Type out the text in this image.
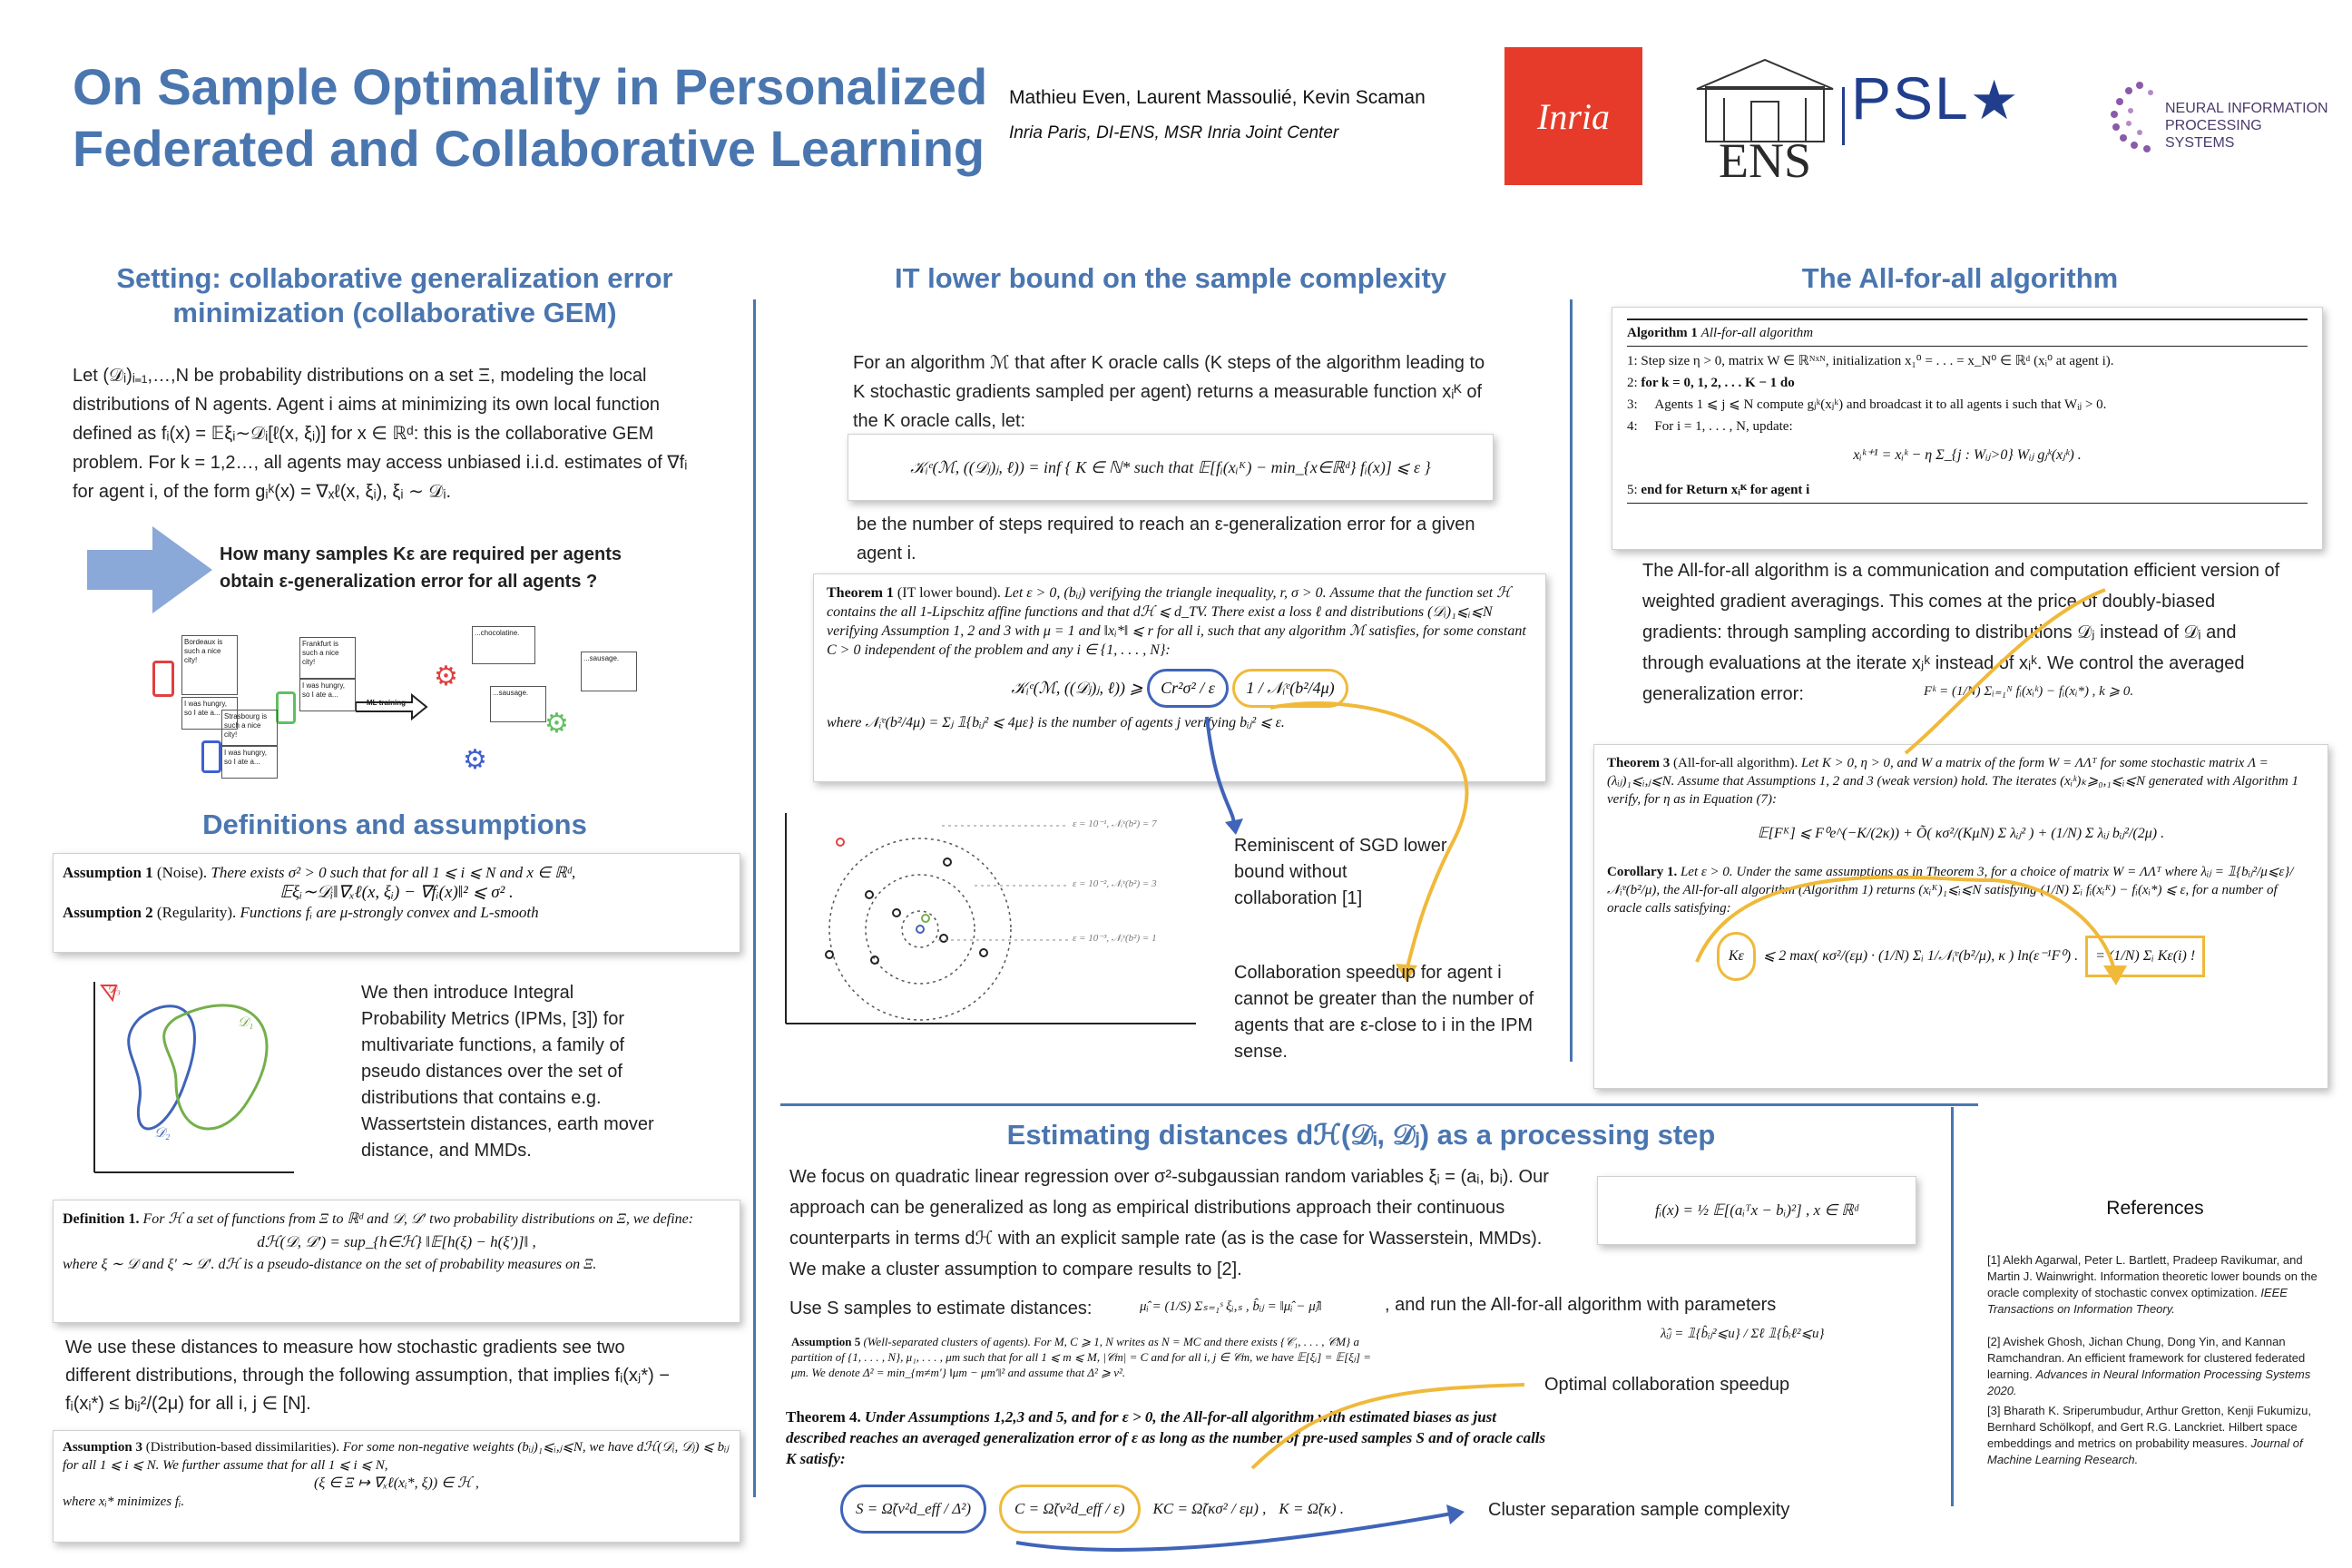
On Sample Optimality in Personalized
Federated and Collaborative Learning
Mathieu Even, Laurent Massoulié, Kevin Scaman
Inria Paris, DI-ENS, MSR Inria Joint Center	Inria
ENS
PSL★	NEURAL INFORMATION
PROCESSING SYSTEMS
Setting: collaborative generalization error
minimization (collaborative GEM)
Let (𝒟ᵢ)ᵢ₌₁,…,N be probability distributions on a set Ξ, modeling the local distributions of N agents. Agent i aims at minimizing its own local function defined as fᵢ(x) = 𝔼ξᵢ∼𝒟ᵢ[ℓ(x, ξᵢ)] for x ∈ ℝᵈ: this is the collaborative GEM problem. For k = 1,2…, all agents may access unbiased i.i.d. estimates of ∇fᵢ for agent i, of the form gᵢᵏ(x) = ∇ₓℓ(x, ξᵢ), ξᵢ ∼ 𝒟ᵢ.
How many samples Kε are required per agents obtain ε-generalization error for all agents ?
Bordeaux is such a nice city!
I was hungry, so I ate a...
Frankfurt is such a nice city!
I was hungry, so I ate a...
Strasbourg is such a nice city!
I was hungry, so I ate a...
ML training
...chocolatine.
...sausage.
...sausage.
⚙
⚙
⚙
Definitions and assumptions
Assumption 1 (Noise). There exists σ² > 0 such that for all 1 ⩽ i ⩽ N and x ∈ ℝᵈ,
𝔼ξᵢ∼𝒟ᵢ‖∇ₓℓ(x, ξᵢ) − ∇fᵢ(x)‖² ⩽ σ² .
Assumption 2 (Regularity). Functions fᵢ are μ-strongly convex and L-smooth
𝒟₃
𝒟₁
𝒟₂
We then introduce Integral Probability Metrics (IPMs, [3]) for multivariate functions, a family of pseudo distances over the set of distributions that contains e.g. Wassertstein distances, earth mover distance, and MMDs.
Definition 1. For ℋ a set of functions from Ξ to ℝᵈ and 𝒟, 𝒟′ two probability distributions on Ξ, we define:
dℋ(𝒟, 𝒟′) = sup_{h∈ℋ} ‖𝔼[h(ξ) − h(ξ′)]‖ ,
where ξ ∼ 𝒟 and ξ′ ∼ 𝒟′. dℋ is a pseudo-distance on the set of probability measures on Ξ.
We use these distances to measure how stochastic gradients see two different distributions, through the following assumption, that implies fᵢ(xⱼ*) − fᵢ(xᵢ*) ≤ bᵢⱼ²/(2μ) for all i, j ∈ [N].
Assumption 3 (Distribution-based dissimilarities). For some non-negative weights (bᵢⱼ)₁⩽ᵢ,ⱼ⩽N, we have dℋ(𝒟ᵢ, 𝒟ⱼ) ⩽ bᵢⱼ for all 1 ⩽ i ⩽ N. We further assume that for all 1 ⩽ i ⩽ N,
(ξ ∈ Ξ ↦ ∇ₓℓ(xᵢ*, ξ)) ∈ ℋ ,
where xᵢ* minimizes fᵢ.
IT lower bound on the sample complexity
For an algorithm ℳ that after K oracle calls (K steps of the algorithm leading to K stochastic gradients sampled per agent) returns a measurable function xᵢᴷ of the K oracle calls, let:
𝒦ᵢᵉ(ℳ, ((𝒟ⱼ)ⱼ, ℓ)) = inf { K ∈ ℕ* such that 𝔼[fᵢ(xᵢᴷ) − min_{x∈ℝᵈ} fᵢ(x)] ⩽ ε }
be the number of steps required to reach an ε-generalization error for a given agent i.
Theorem 1 (IT lower bound). Let ε > 0, (bᵢⱼ) verifying the triangle inequality, r, σ > 0. Assume that the function set ℋ contains the all 1-Lipschitz affine functions and that dℋ ⩽ d_TV. There exist a loss ℓ and distributions (𝒟ᵢ)₁⩽ᵢ⩽N verifying Assumption 1, 2 and 3 with μ = 1 and ‖xᵢ*‖ ⩽ r for all i, such that any algorithm ℳ satisfies, for some constant C > 0 independent of the problem and any i ∈ {1, . . . , N}:
𝒦ᵢᵉ(ℳ, ((𝒟ⱼ)ⱼ, ℓ)) ⩾ Cr²σ² / ε 1 / 𝒩ᵢᵉ(b²/4μ)
where 𝒩ᵢᵉ(b²/4μ) = Σⱼ 𝟙{bᵢⱼ² ⩽ 4με} is the number of agents j verifying bᵢⱼ² ⩽ ε.
ε = 10⁻¹, 𝒩ᵢᵉ(b²) = 7
ε = 10⁻², 𝒩ᵢᵉ(b²) = 3
ε = 10⁻³, 𝒩ᵢᵉ(b²) = 1
Reminiscent of SGD lower bound without collaboration [1]
Collaboration speedup for agent i cannot be greater than the number of agents that are ε-close to i in the IPM sense.
The All-for-all algorithm
Algorithm 1 All-for-all algorithm
1: Step size η > 0, matrix W ∈ ℝᴺˣᴺ, initialization x₁⁰ = . . . = x_N⁰ ∈ ℝᵈ (xᵢ⁰ at agent i).
2: for k = 0, 1, 2, . . . K − 1 do
3:     Agents 1 ⩽ j ⩽ N compute gⱼᵏ(xⱼᵏ) and broadcast it to all agents i such that Wᵢⱼ > 0.
4:     For i = 1, . . . , N, update:
xᵢᵏ⁺¹ = xᵢᵏ − η Σ_{j : Wᵢⱼ>0} Wᵢⱼ gⱼᵏ(xⱼᵏ) .
5: end for Return xᵢᴷ for agent i
The All-for-all algorithm is a communication and computation efficient version of weighted gradient averagings. This comes at the price of doubly-biased gradients: through sampling according to distributions 𝒟ⱼ instead of 𝒟ᵢ and through evaluations at the iterate xⱼᵏ instead of xᵢᵏ. We control the averaged generalization error:	Fᵏ = (1/N) Σᵢ₌₁ᴺ fᵢ(xᵢᵏ) − fᵢ(xᵢ*) , k ⩾ 0.
Theorem 3 (All-for-all algorithm). Let K > 0, η > 0, and W a matrix of the form W = ΛΛᵀ for some stochastic matrix Λ = (λᵢⱼ)₁⩽ᵢ,ⱼ⩽N. Assume that Assumptions 1, 2 and 3 (weak version) hold. The iterates (xᵢᵏ)ₖ⩾₀,₁⩽ᵢ⩽N generated with Algorithm 1 verify, for η as in Equation (7):
𝔼[Fᴷ] ⩽ F⁰e^(−K/(2κ)) + Õ( κσ²/(KμN) Σ λᵢⱼ² ) + (1/N) Σ λᵢⱼ bᵢⱼ²/(2μ) .
Corollary 1. Let ε > 0. Under the same assumptions as in Theorem 3, for a choice of matrix W = ΛΛᵀ where λᵢⱼ = 𝟙{bᵢⱼ²/μ⩽ε}/𝒩ᵢᵉ(b²/μ), the All-for-all algorithm (Algorithm 1) returns (xᵢᴷ)₁⩽ᵢ⩽N satisfying (1/N) Σᵢ fᵢ(xᵢᴷ) − fᵢ(xᵢ*) ⩽ ε, for a number of oracle calls satisfying:
Kε	⩽ 2 max( κσ²/(εμ) · (1/N) Σᵢ 1/𝒩ᵢᵉ(b²/μ), κ ) ln(ε⁻¹F⁰) .	= (1/N) Σᵢ Kε(i) !
Estimating distances dℋ(𝒟ᵢ, 𝒟ⱼ) as a processing step
We focus on quadratic linear regression over σ²-subgaussian random variables ξᵢ = (aᵢ, bᵢ). Our approach can be generalized as long as empirical distributions approach their continuous counterparts in terms dℋ with an explicit sample rate (as is the case for Wasserstein, MMDs). We make a cluster assumption to compare results to [2].
fᵢ(x) = ½ 𝔼[(aᵢᵀx − bᵢ)²] , x ∈ ℝᵈ
Use S samples to estimate distances:	μ̂ᵢ = (1/S) Σₛ₌₁ˢ ξᵢ,ₛ , b̂ᵢⱼ = ‖μ̂ᵢ − μ̂ⱼ‖	, and run the All-for-all algorithm with parameters
λ̂ᵢⱼ = 𝟙{b̂ᵢⱼ²⩽u} / Σℓ 𝟙{b̂ᵢℓ²⩽u}
Assumption 5 (Well-separated clusters of agents). For M, C ⩾ 1, N writes as N = MC and there exists {𝒞₁, . . . , 𝒞M} a partition of {1, . . . , N}, μ₁, . . . , μm such that for all 1 ⩽ m ⩽ M, |𝒞m| = C and for all i, j ∈ 𝒞m, we have 𝔼[ξᵢ] = 𝔼[ξⱼ] = μm. We denote Δ² = min_{m≠m′} ‖μm − μm′‖² and assume that Δ² ⩾ ν².
Theorem 4. Under Assumptions 1,2,3 and 5, and for ε > 0, the All-for-all algorithm with estimated biases as just described reaches an averaged generalization error of ε as long as the number of pre-used samples S and of oracle calls K satisfy:
S = Ω̃(ν²d_eff / Δ²)	C = Ω̃(ν²d_eff / ε)	KC = Ω̃(κσ² / εμ) , K = Ω̃(κ) .
Optimal collaboration speedup
Cluster separation sample complexity
References
[1] Alekh Agarwal, Peter L. Bartlett, Pradeep Ravikumar, and Martin J. Wainwright. Information theoretic lower bounds on the oracle complexity of stochastic convex optimization. IEEE Transactions on Information Theory.
[2] Avishek Ghosh, Jichan Chung, Dong Yin, and Kannan Ramchandran. An efficient framework for clustered federated learning. Advances in Neural Information Processing Systems 2020.
[3] Bharath K. Sriperumbudur, Arthur Gretton, Kenji Fukumizu, Bernhard Schölkopf, and Gert R.G. Lanckriet. Hilbert space embeddings and metrics on probability measures. Journal of Machine Learning Research.
